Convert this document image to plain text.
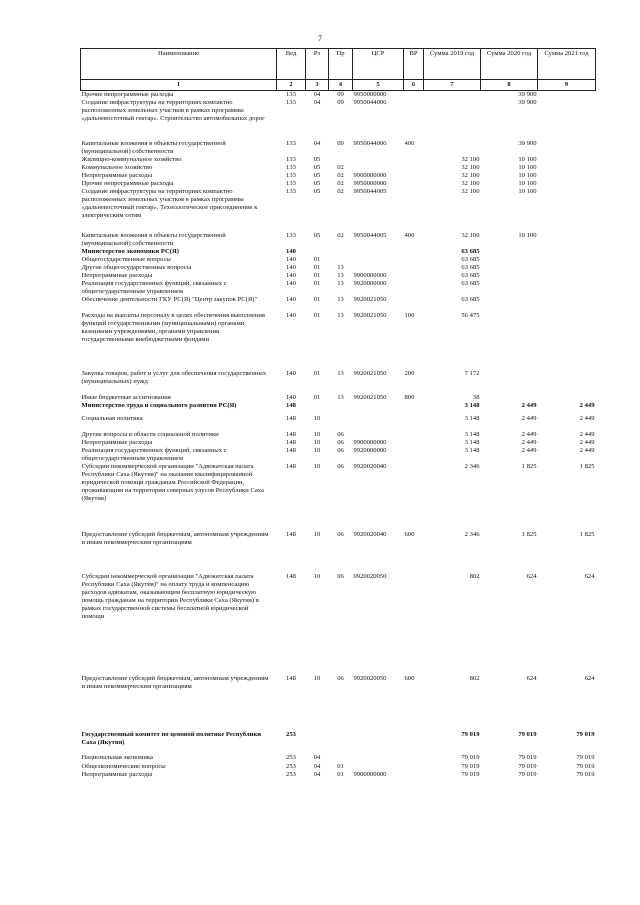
7
Наименование	Вед	Рз	Пр	ЦСР	ВР	Сумма 2019 год	Сумма 2020 год	Сумма 2021 год
1	2	3	4	5	6	7	8	9
Прочие непрограммные расходы	133	04	09	9950000000			39 900	
Создание инфраструктуры на территориях компактно расположенных земельных участков в рамках программы «дальневосточный гектар». Строительство автомобильных дорог	133	04	09	9950044006			39 900	

Капитальные вложения в объекты государственной (муниципальной) собственности	133	04	09	9950044006	400		39 900	
Жилищно-коммунальное хозяйство	133	05				32 100	10 100	
Коммунальное хозяйство	133	05	02			32 100	10 100	
Непрограммные расходы	133	05	02	9900000000		32 100	10 100	
Прочие непрограммные расходы	133	05	02	9950000000		32 100	10 100	
Создание инфраструктуры на территориях компактно расположенных земельных участков в рамках программы «дальневосточный гектар». Технологическое присоединение к электрическим сетям	133	05	02	9950044005		32 100	10 100	

Капитальные вложения в объекты государственной (муниципальной) собственности	133	05	02	9950044005	400	32 100	10 100	
Министерство экономики РС(Я)	140					63 685		
Общегосударственные вопросы	140	01				63 685		
Другие общегосударственные вопросы	140	01	13			63 685		
Непрограммные расходы	140	01	13	9900000000		63 685		
Реализация государственных функций, связанных с общегосударственным управлением	140	01	13	9920000000		63 685		
Обеспечение деятельности ГКУ РС(Я) "Центр закупок РС(Я)"	140	01	13	9920021050		63 685		
Расходы на выплаты персоналу в целях обеспечения выполнения функций государственными (муниципальными) органами, казенными учреждениями, органами управления государственными внебюджетными фондами	140	01	13	9920021050	100	56 475		

Закупка товаров, работ и услуг для обеспечения государственных (муниципальных) нужд	140	01	13	9920021050	200	7 172		
Иные бюджетные ассигнования	140	01	13	9920021050	800	38		
Министерство труда и социального развития РС(Я)	148					3 148	2 449	2 449

Социальная политика	148	10				3 148	2 449	2 449
Другие вопросы в области социальной политики	148	10	06			3 148	2 449	2 449
Непрограммные расходы	148	10	06	9900000000		3 148	2 449	2 449
Реализация государственных функций, связанных с общегосударственным управлением	148	10	06	9920000000		3 148	2 449	2 449
Субсидии некоммерческой организации "Адвокатская палата Республики Саха (Якутия)" на оказание квалифицированной юридической помощи гражданам Российской Федерации, проживающим на территории северных улусов Республики Саха (Якутия)	148	10	06	9920020040		2 346	1 825	1 825

Предоставление субсидий бюджетным, автономным учреждениям и иным некоммерческим организациям	148	10	06	9920020040	600	2 346	1 825	1 825

Субсидии некоммерческой организации "Адвокатская палата Республики Саха (Якутия)" на оплату труда и компенсацию расходов адвокатам, оказывающим бесплатную юридическую помощь гражданам на территории Республики Саха (Якутия) в рамках государственной системы бесплатной юридической помощи	148	10	06	9920020050		802	624	624

Предоставление субсидий бюджетным, автономным учреждениям и иным некоммерческим организациям	148	10	06	9920020050	600	802	624	624

Государственный комитет по ценовой политике Республики Саха (Якутия)	253					79 019	79 019	79 019
Национальная экономика	253	04				79 019	79 019	79 019
Общеэкономические вопросы	253	04	01			79 019	79 019	79 019
Непрограммные расходы	253	04	01	9900000000		79 019	79 019	79 019
